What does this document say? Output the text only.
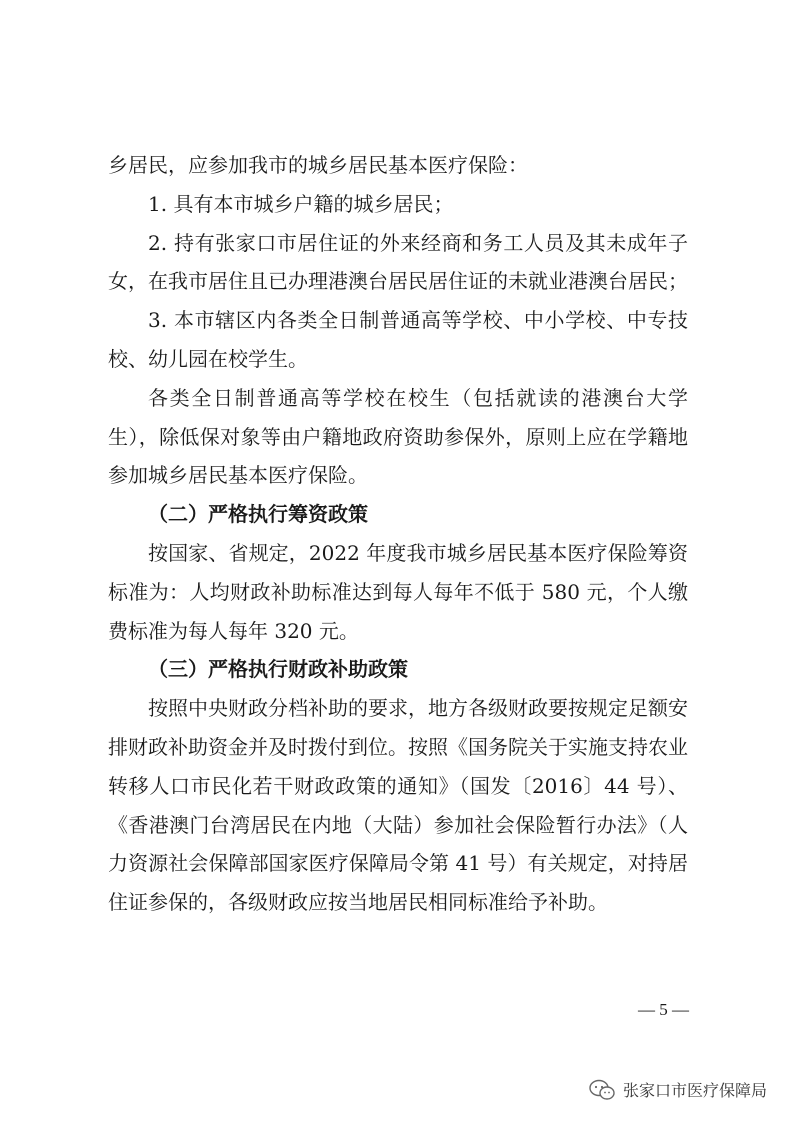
乡居民，应参加我市的城乡居民基本医疗保险：

1. 具有本市城乡户籍的城乡居民；

2. 持有张家口市居住证的外来经商和务工人员及其未成年子女，在我市居住且已办理港澳台居民居住证的未就业港澳台居民；

3. 本市辖区内各类全日制普通高等学校、中小学校、中专技校、幼儿园在校学生。

各类全日制普通高等学校在校生（包括就读的港澳台大学生），除低保对象等由户籍地政府资助参保外，原则上应在学籍地参加城乡居民基本医疗保险。

（二）严格执行筹资政策

按国家、省规定，2022 年度我市城乡居民基本医疗保险筹资标准为：人均财政补助标准达到每人每年不低于 580 元，个人缴费标准为每人每年 320 元。

（三）严格执行财政补助政策

按照中央财政分档补助的要求，地方各级财政要按规定足额安排财政补助资金并及时拨付到位。按照《国务院关于实施支持农业转移人口市民化若干财政政策的通知》（国发〔2016〕44 号）、《香港澳门台湾居民在内地（大陆）参加社会保险暂行办法》（人力资源社会保障部国家医疗保障局令第 41 号）有关规定，对持居住证参保的，各级财政应按当地居民相同标准给予补助。

— 5 —
张家口市医疗保障局
